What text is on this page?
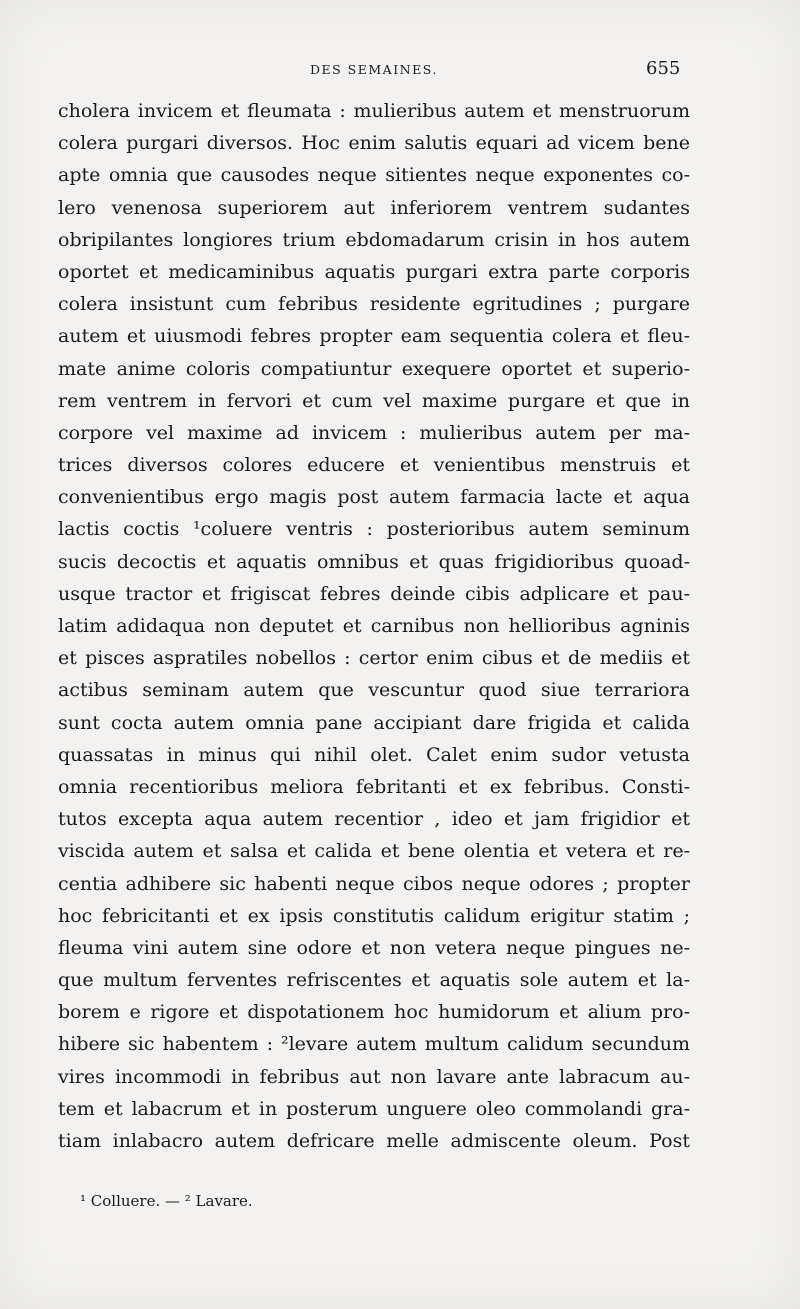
DES SEMAINES.	655
cholera invicem et fleumata : mulieribus autem et menstruorum
colera purgari diversos. Hoc enim salutis equari ad vicem bene
apte omnia que causodes neque sitientes neque exponentes co-
lero venenosa superiorem aut inferiorem ventrem sudantes
obripilantes longiores trium ebdomadarum crisin in hos autem
oportet et medicaminibus aquatis purgari extra parte corporis
colera insistunt cum febribus residente egritudines ; purgare
autem et uiusmodi febres propter eam sequentia colera et fleu-
mate anime coloris compatiuntur exequere oportet et superio-
rem ventrem in fervori et cum vel maxime purgare et que in
corpore vel maxime ad invicem : mulieribus autem per ma-
trices diversos colores educere et venientibus menstruis et
convenientibus ergo magis post autem farmacia lacte et aqua
lactis coctis ¹coluere ventris : posterioribus autem seminum
sucis decoctis et aquatis omnibus et quas frigidioribus quoad-
usque tractor et frigiscat febres deinde cibis adplicare et pau-
latim adidaqua non deputet et carnibus non hellioribus agninis
et pisces aspratiles nobellos : certor enim cibus et de mediis et
actibus seminam autem que vescuntur quod siue terrariora
sunt cocta autem omnia pane accipiant dare frigida et calida
quassatas in minus qui nihil olet. Calet enim sudor vetusta
omnia recentioribus meliora febritanti et ex febribus. Consti-
tutos excepta aqua autem recentior , ideo et jam frigidior et
viscida autem et salsa et calida et bene olentia et vetera et re-
centia adhibere sic habenti neque cibos neque odores ; propter
hoc febricitanti et ex ipsis constitutis calidum erigitur statim ;
fleuma vini autem sine odore et non vetera neque pingues ne-
que multum ferventes refriscentes et aquatis sole autem et la-
borem e rigore et dispotationem hoc humidorum et alium pro-
hibere sic habentem : ²levare autem multum calidum secundum
vires incommodi in febribus aut non lavare ante labracum au-
tem et labacrum et in posterum unguere oleo commolandi gra-
tiam inlabacro autem defricare melle admiscente oleum. Post
¹ Colluere. — ² Lavare.
